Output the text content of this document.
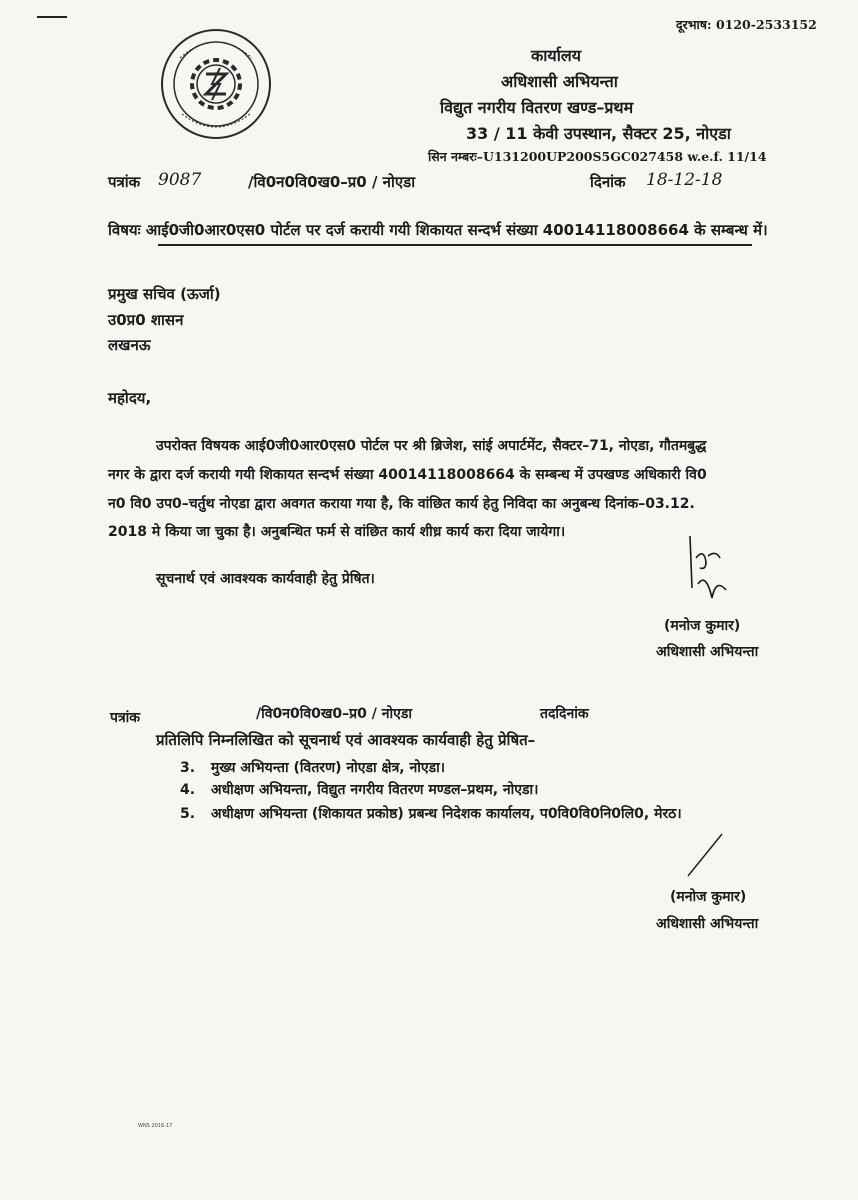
दूरभाष: 0120-2533152
कार्यालय
अधिशासी अभियन्ता
विद्युत नगरीय वितरण खण्ड–प्रथम
33 / 11 केवी उपस्थान, सैक्टर 25, नोएडा
सिन नम्बरः–U131200UP200S5GC027458 w.e.f. 11/14
पत्रांक 9087	/वि0न0वि0ख0–प्र0 / नोएडा	दिनांक 18-12-18
विषयः आई0जी0आर0एस0 पोर्टल पर दर्ज करायी गयी शिकायत सन्दर्भ संख्या 40014118008664 के सम्बन्ध में।
प्रमुख सचिव (ऊर्जा)
उ0प्र0 शासन
लखनऊ
महोदय,
उपरोक्त विषयक आई0जी0आर0एस0 पोर्टल पर श्री ब्रिजेश, सांई अपार्टमेंट, सैक्टर–71, नोएडा, गौतमबुद्ध
नगर के द्वारा दर्ज करायी गयी शिकायत सन्दर्भ संख्या 40014118008664 के सम्बन्ध में उपखण्ड अधिकारी वि0
न0 वि0 उप0–चर्तुथ नोएडा द्वारा अवगत कराया गया है, कि वांछित कार्य हेतु निविदा का अनुबन्ध दिनांक–03.12.
2018 मे किया जा चुका है। अनुबन्धित फर्म से वांछित कार्य शीध्र कार्य करा दिया जायेगा।
सूचनार्थ एवं आवश्यक कार्यवाही हेतु प्रेषित।
(मनोज कुमार)
अधिशासी अभियन्ता
पत्रांक	/वि0न0वि0ख0–प्र0 / नोएडा	तददिनांक
प्रतिलिपि निम्नलिखित को सूचनार्थ एवं आवश्यक कार्यवाही हेतु प्रेषित–
3. मुख्य अभियन्ता (वितरण) नोएडा क्षेत्र, नोएडा।
4. अधीक्षण अभियन्ता, विद्युत नगरीय वितरण मण्डल–प्रथम, नोएडा।
5. अधीक्षण अभियन्ता (शिकायत प्रकोष्ठ) प्रबन्ध निदेशक कार्यालय, प0वि0वि0नि0लि0, मेरठ।
(मनोज कुमार)
अधिशासी अभियन्ता
WNS 2016-17
